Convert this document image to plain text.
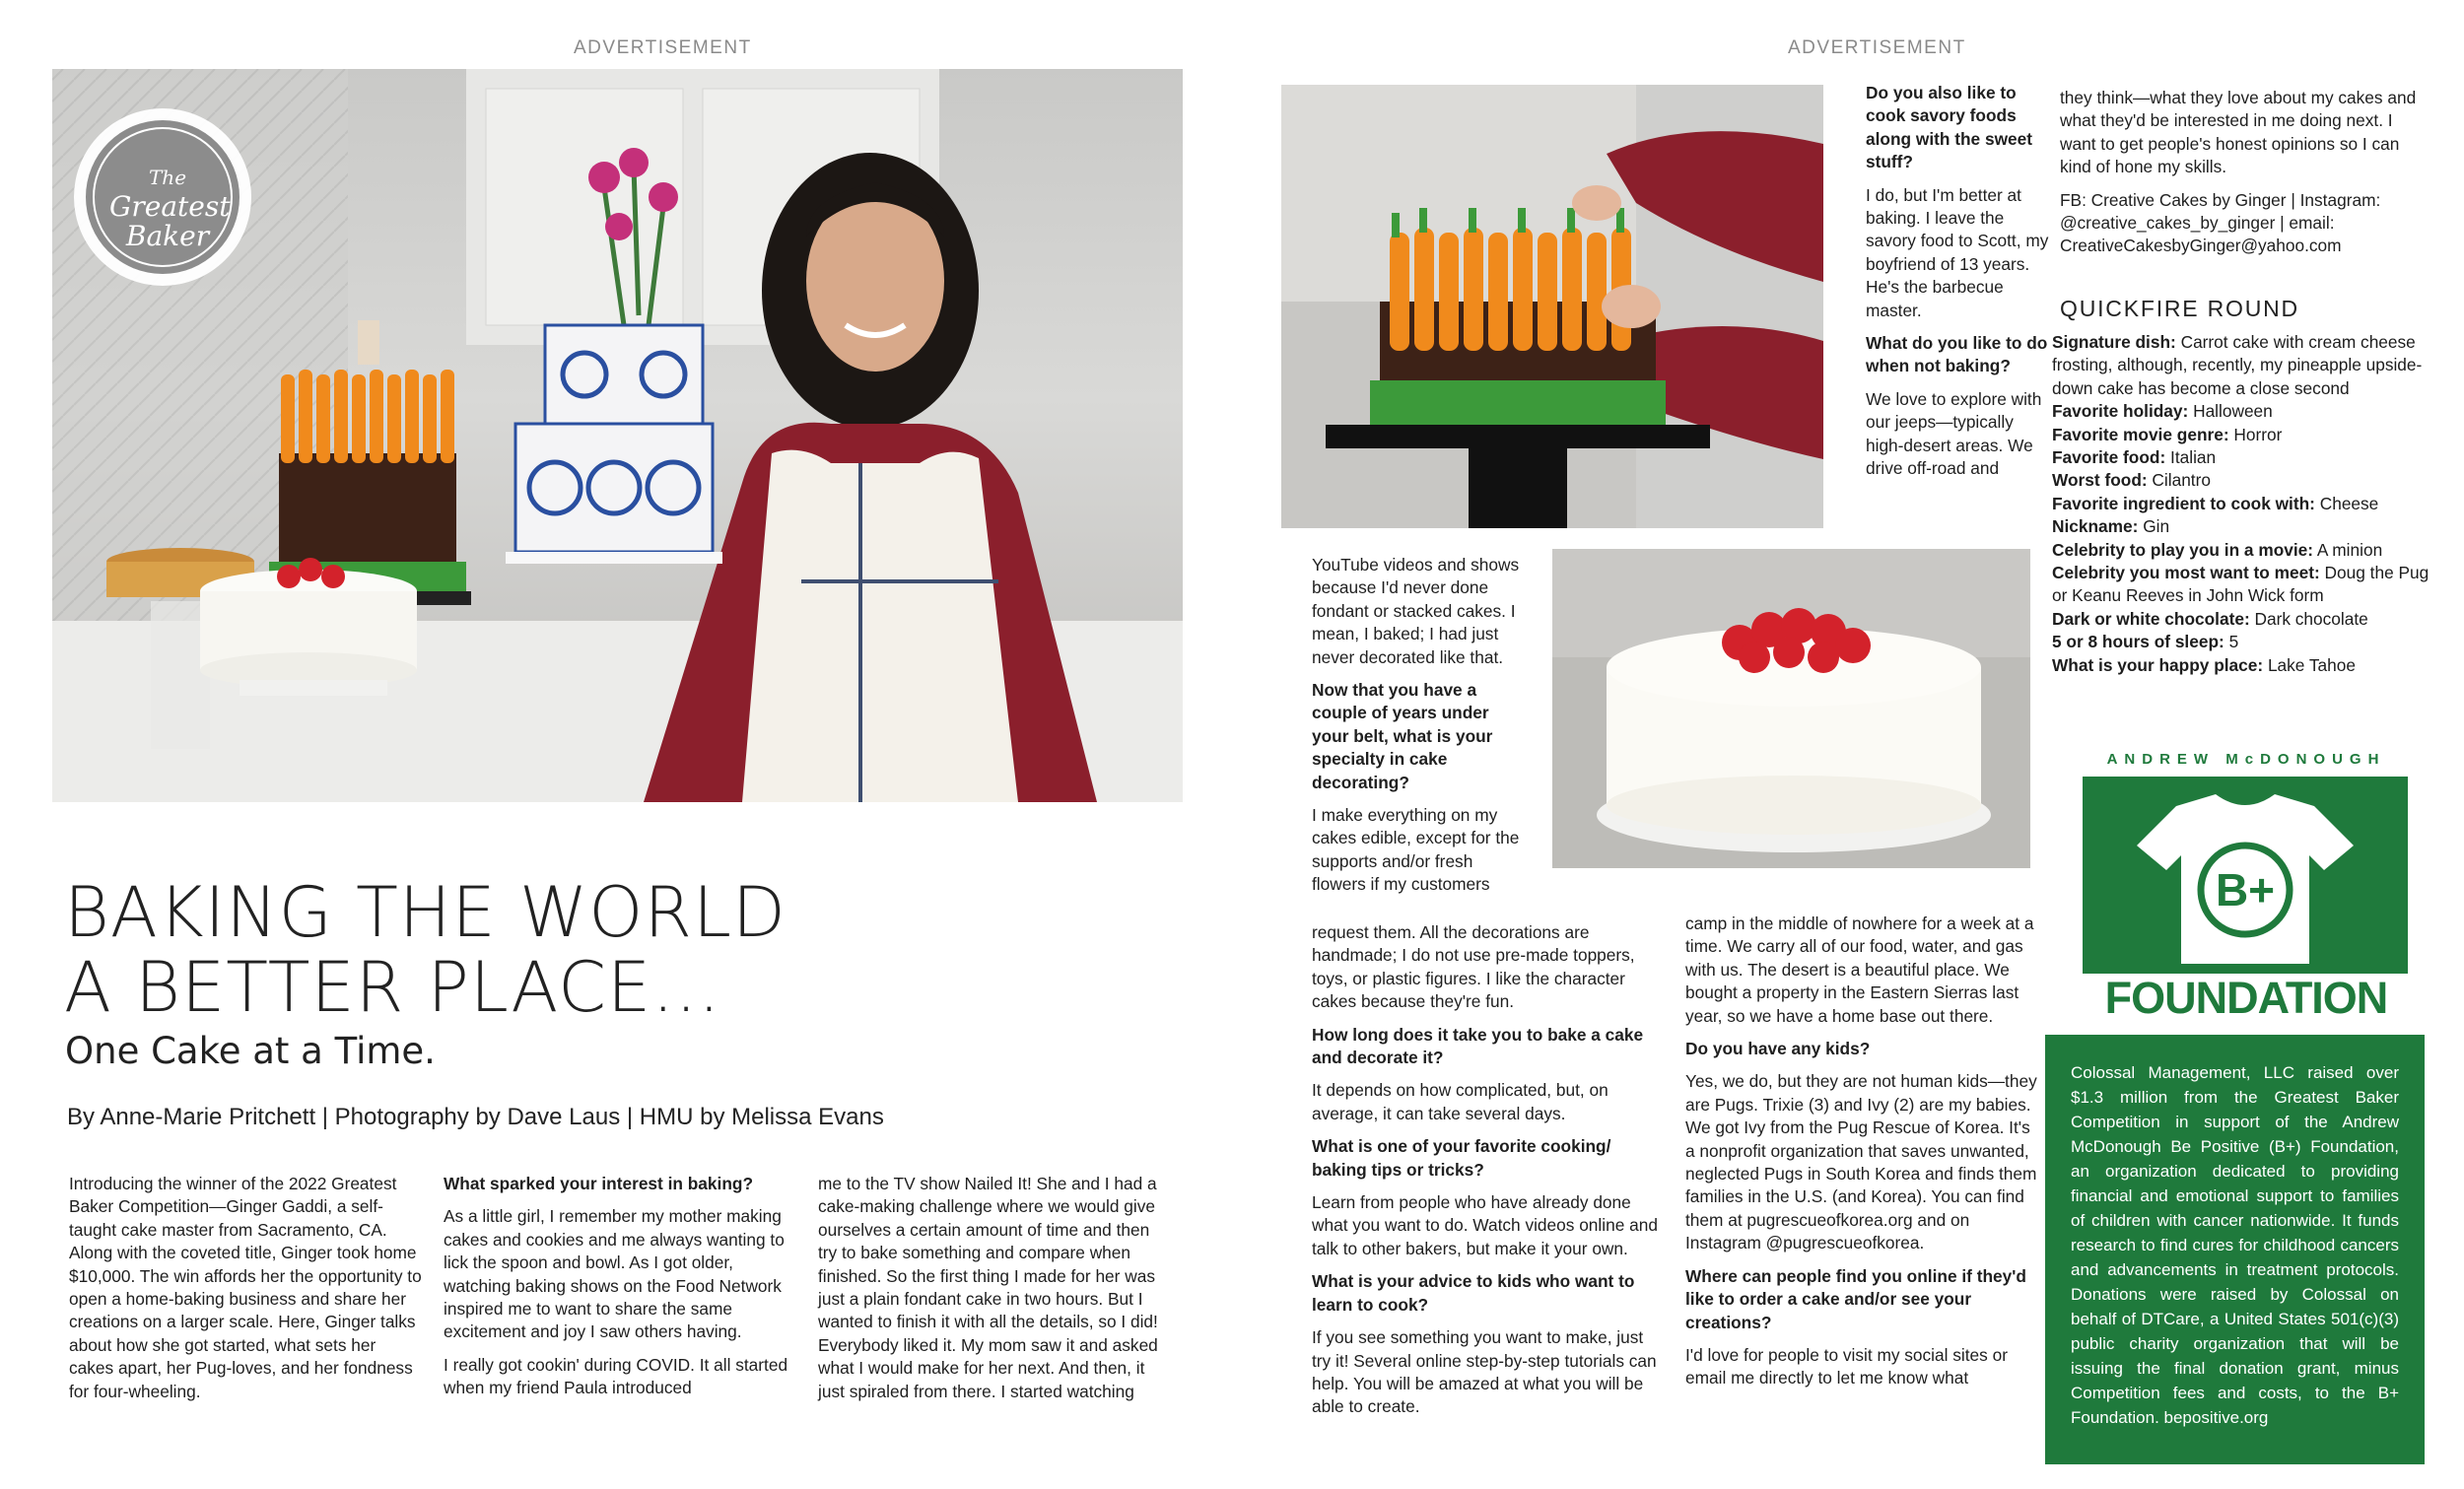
ADVERTISEMENT	ADVERTISEMENT
The
Greatest
Baker
BAKING THE WORLD
A BETTER PLACE…
One Cake at a Time.
By Anne-Marie Pritchett | Photography by Dave Laus | HMU by Melissa Evans

Introducing the winner of the 2022 Greatest Baker Competition—Ginger Gaddi, a self-taught cake master from Sacramento, CA. Along with the coveted title, Ginger took home $10,000. The win affords her the opportunity to open a home-baking business and share her creations on a larger scale. Here, Ginger talks about how she got started, what sets her cakes apart, her Pug-loves, and her fondness for four-wheeling.

What sparked your interest in baking?

As a little girl, I remember my mother making cakes and cookies and me always wanting to lick the spoon and bowl. As I got older, watching baking shows on the Food Network inspired me to want to share the same excitement and joy I saw others having.

I really got cookin' during COVID. It all started when my friend Paula introduced

me to the TV show Nailed It! She and I had a cake-making challenge where we would give ourselves a certain amount of time and then try to bake something and compare when finished. So the first thing I made for her was just a plain fondant cake in two hours. But I wanted to finish it with all the details, so I did! Everybody liked it. My mom saw it and asked what I would make for her next. And then, it just spiraled from there. I started watching

Do you also like to cook savory foods along with the sweet stuff?

I do, but I'm better at baking. I leave the savory food to Scott, my boyfriend of 13 years. He's the barbecue master.

What do you like to do when not baking?

We love to explore with our jeeps—typically high-desert areas. We drive off-road and

they think—what they love about my cakes and what they'd be interested in me doing next. I want to get people's honest opinions so I can kind of hone my skills.

FB: Creative Cakes by Ginger | Instagram: @creative_cakes_by_ginger | email: CreativeCakesbyGinger@yahoo.com

YouTube videos and shows because I'd never done fondant or stacked cakes. I mean, I baked; I had just never decorated like that.

Now that you have a couple of years under your belt, what is your specialty in cake decorating?

I make everything on my cakes edible, except for the supports and/or fresh flowers if my customers

request them. All the decorations are handmade; I do not use pre-made toppers, toys, or plastic figures. I like the character cakes because they're fun.

How long does it take you to bake a cake and decorate it?

It depends on how complicated, but, on average, it can take several days.

What is one of your favorite cooking/ baking tips or tricks?

Learn from people who have already done what you want to do. Watch videos online and talk to other bakers, but make it your own.

What is your advice to kids who want to learn to cook?

If you see something you want to make, just try it! Several online step-by-step tutorials can help. You will be amazed at what you will be able to create.

camp in the middle of nowhere for a week at a time. We carry all of our food, water, and gas with us. The desert is a beautiful place. We bought a property in the Eastern Sierras last year, so we have a home base out there.

Do you have any kids?

Yes, we do, but they are not human kids—they are Pugs. Trixie (3) and Ivy (2) are my babies. We got Ivy from the Pug Rescue of Korea. It's a nonprofit organization that saves unwanted, neglected Pugs in South Korea and finds them families in the U.S. (and Korea). You can find them at pugrescueofkorea.org and on Instagram @pugrescueofkorea.

Where can people find you online if they'd like to order a cake and/or see your creations?

I'd love for people to visit my social sites or email me directly to let me know what

QUICKFIRE ROUND
Signature dish: Carrot cake with cream cheese frosting, although, recently, my pineapple upside-down cake has become a close second
Favorite holiday: Halloween
Favorite movie genre: Horror
Favorite food: Italian
Worst food: Cilantro
Favorite ingredient to cook with: Cheese
Nickname: Gin
Celebrity to play you in a movie: A minion
Celebrity you most want to meet: Doug the Pug or Keanu Reeves in John Wick form
Dark or white chocolate: Dark chocolate
5 or 8 hours of sleep: 5
What is your happy place: Lake Tahoe
ANDREW McDONOUGH
B+
FOUNDATION

Colossal Management, LLC raised over $1.3 million from the Greatest Baker Competition in support of the Andrew McDonough Be Positive (B+) Foundation, an organization dedicated to providing financial and emotional support to families of children with cancer nationwide. It funds research to find cures for childhood cancers and advancements in treatment protocols. Donations were raised by Colossal on behalf of DTCare, a United States 501(c)(3) public charity organization that will be issuing the final donation grant, minus Competition fees and costs, to the B+ Foundation. bepositive.org
